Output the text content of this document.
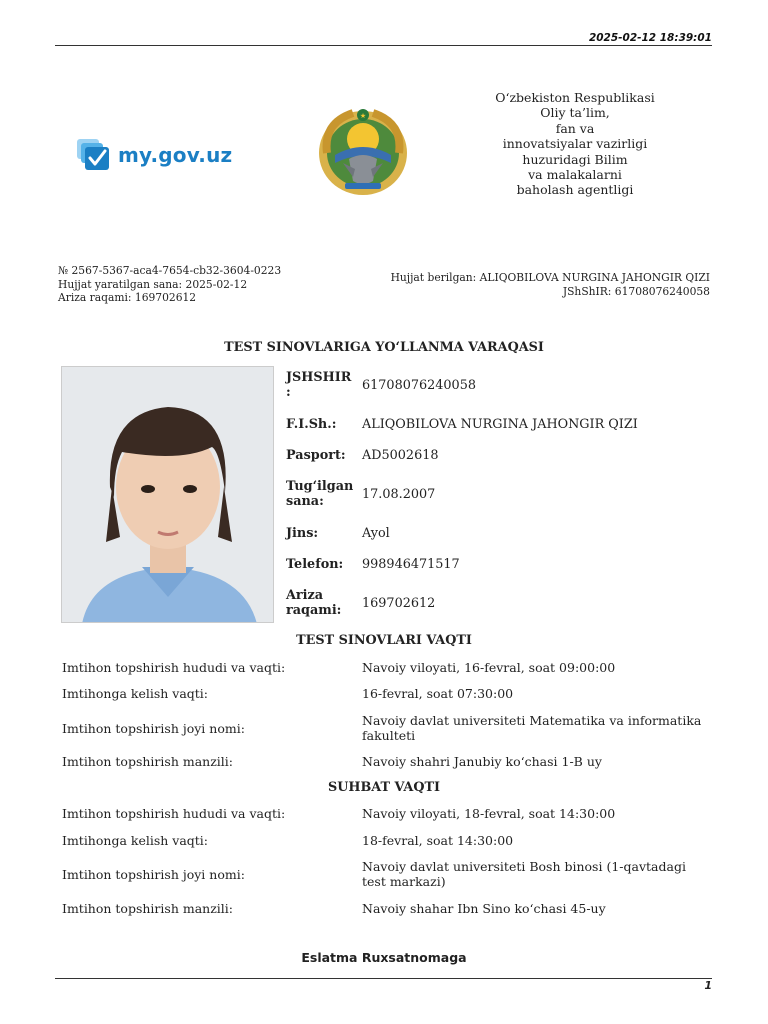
2025-02-12 18:39:01
my.gov.uz
★
O‘zbekiston Respublikasi
Oliy ta’lim,
fan va
innovatsiyalar vazirligi
huzuridagi Bilim
va malakalarni
baholash agentligi
№ 2567-5367-aca4-7654-cb32-3604-0223
Hujjat yaratilgan sana: 2025-02-12
Ariza raqami: 169702612
Hujjat berilgan: ALIQOBILOVA NURGINA JAHONGIR QIZI
JShShIR: 61708076240058
TEST SINOVLARIGA YO‘LLANMA VARAQASI
JSHSHIR :	61708076240058
F.I.Sh.:	ALIQOBILOVA NURGINA JAHONGIR QIZI
Pasport:	AD5002618
Tug‘ilgan sana:	17.08.2007
Jins:	Ayol
Telefon:	998946471517
Ariza raqami:	169702612
TEST SINOVLARI VAQTI
Imtihon topshirish hududi va vaqti:	Navoiy viloyati, 16-fevral, soat 09:00:00
Imtihonga kelish vaqti:	16-fevral, soat 07:30:00
Imtihon topshirish joyi nomi:	Navoiy davlat universiteti Matematika va informatika fakulteti
Imtihon topshirish manzili:	Navoiy shahri Janubiy ko‘chasi 1-B uy
SUHBAT VAQTI
Imtihon topshirish hududi va vaqti:	Navoiy viloyati, 18-fevral, soat 14:30:00
Imtihonga kelish vaqti:	18-fevral, soat 14:30:00
Imtihon topshirish joyi nomi:	Navoiy davlat universiteti Bosh binosi (1-qavtadagi test markazi)
Imtihon topshirish manzili:	Navoiy shahar Ibn Sino ko‘chasi 45-uy
Eslatma Ruxsatnomaga
1
